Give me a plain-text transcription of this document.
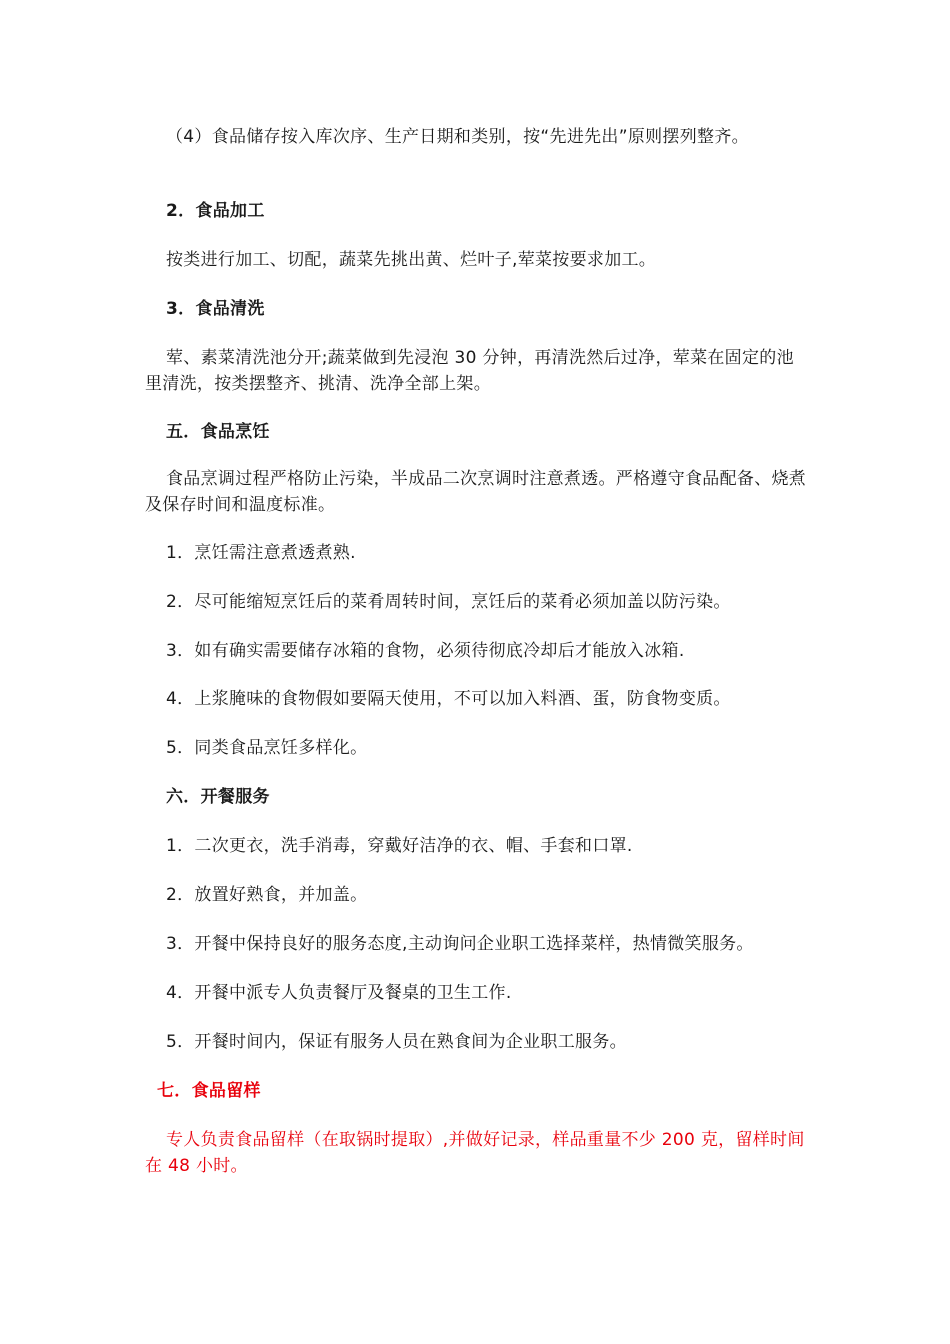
（4）食品储存按入库次序、生产日期和类别，按“先进先出”原则摆列整齐。

2．食品加工

按类进行加工、切配，蔬菜先挑出黄、烂叶子,荤菜按要求加工。

3．食品清洗

荤、素菜清洗池分开;蔬菜做到先浸泡 30 分钟，再清洗然后过净，荤菜在固定的池里清洗，按类摆整齐、挑清、洗净全部上架。

五．食品烹饪

食品烹调过程严格防止污染，半成品二次烹调时注意煮透。严格遵守食品配备、烧煮及保存时间和温度标准。

1．烹饪需注意煮透煮熟.

2．尽可能缩短烹饪后的菜肴周转时间，烹饪后的菜肴必须加盖以防污染。

3．如有确实需要储存冰箱的食物，必须待彻底冷却后才能放入冰箱.

4．上浆腌味的食物假如要隔天使用，不可以加入料酒、蛋，防食物变质。

5．同类食品烹饪多样化。

六．开餐服务

1．二次更衣，洗手消毒，穿戴好洁净的衣、帽、手套和口罩.

2．放置好熟食，并加盖。

3．开餐中保持良好的服务态度,主动询问企业职工选择菜样，热情微笑服务。

4．开餐中派专人负责餐厅及餐桌的卫生工作.

5．开餐时间内，保证有服务人员在熟食间为企业职工服务。

七．食品留样

专人负责食品留样（在取锅时提取）,并做好记录，样品重量不少 200 克，留样时间在 48 小时。
